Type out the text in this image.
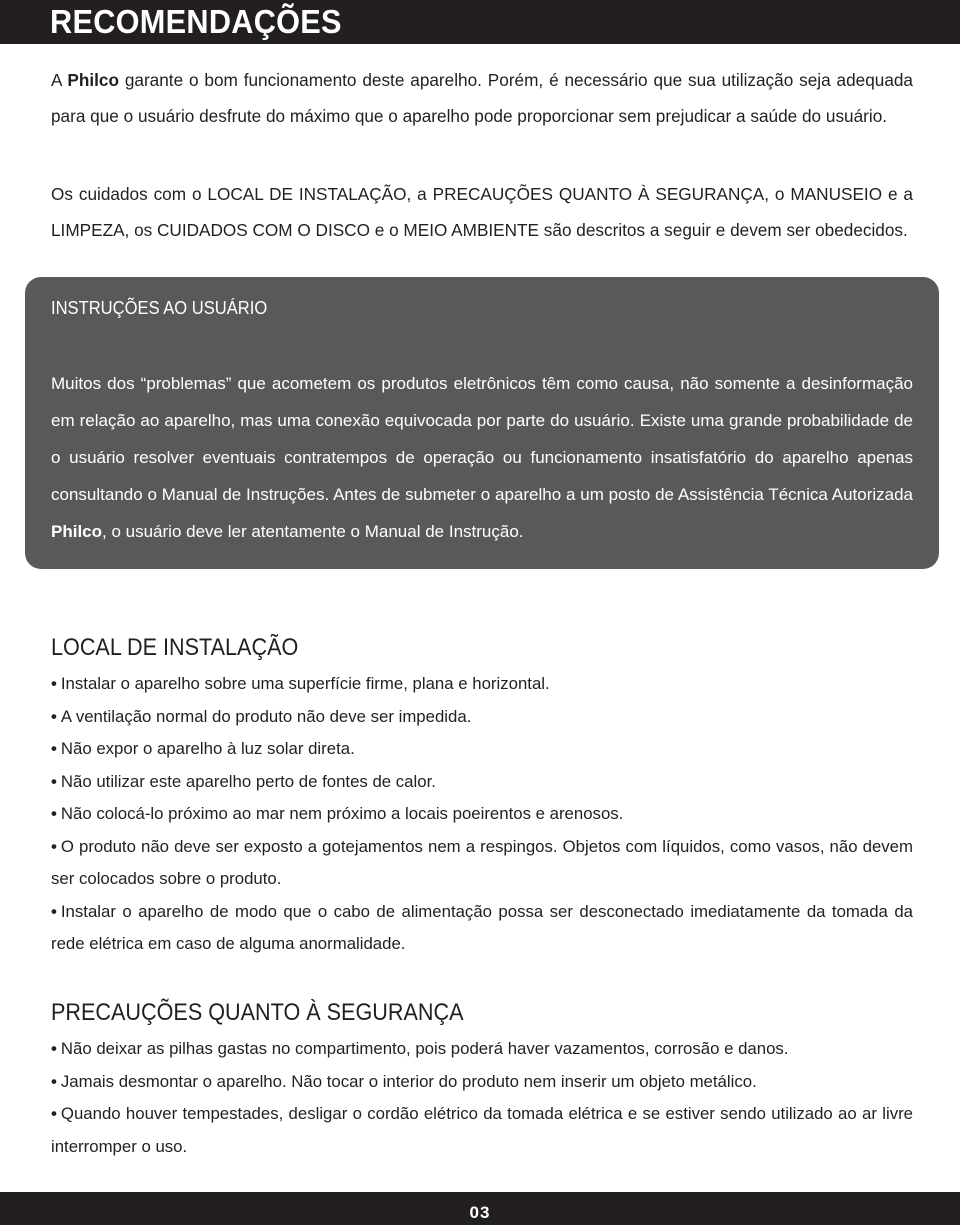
RECOMENDAÇÕES

A Philco garante o bom funcionamento deste aparelho. Porém, é necessário que sua utilização seja adequada para que o usuário desfrute do máximo que o aparelho pode proporcionar sem prejudicar a saúde do usuário.

Os cuidados com o LOCAL DE INSTALAÇÃO, a PRECAUÇÕES QUANTO À SEGURANÇA, o MANUSEIO e a LIMPEZA, os CUIDADOS COM O DISCO e o MEIO AMBIENTE são descritos a seguir e devem ser obedecidos.

INSTRUÇÕES AO USUÁRIO

Muitos dos “problemas” que acometem os produtos eletrônicos têm como causa, não somente a desinformação em relação ao aparelho, mas uma conexão equivocada por parte do usuário. Existe uma grande probabilidade de o usuário resolver eventuais contratempos de operação ou funcionamento insatisfatório do aparelho apenas consultando o Manual de Instruções. Antes de submeter o aparelho a um posto de Assistência Técnica Autorizada Philco, o usuário deve ler atentamente o Manual de Instrução.

LOCAL DE INSTALAÇÃO
• Instalar o aparelho sobre uma superfície firme, plana e horizontal.
• A ventilação normal do produto não deve ser impedida.
• Não expor o aparelho à luz solar direta.
• Não utilizar este aparelho perto de fontes de calor.
• Não colocá-lo próximo ao mar nem próximo a locais poeirentos e arenosos.
• O produto não deve ser exposto a gotejamentos nem a respingos. Objetos com líquidos, como vasos, não devem ser colocados sobre o produto.
• Instalar o aparelho de modo que o cabo de alimentação possa ser desconectado imediatamente da tomada da rede elétrica em caso de alguma anormalidade.
PRECAUÇÕES QUANTO À SEGURANÇA
• Não deixar as pilhas gastas no compartimento, pois poderá haver vazamentos, corrosão e danos.
• Jamais desmontar o aparelho. Não tocar o interior do produto nem inserir um objeto metálico.
• Quando houver tempestades, desligar o cordão elétrico da tomada elétrica e se estiver sendo utilizado ao ar livre interromper o uso.
03
